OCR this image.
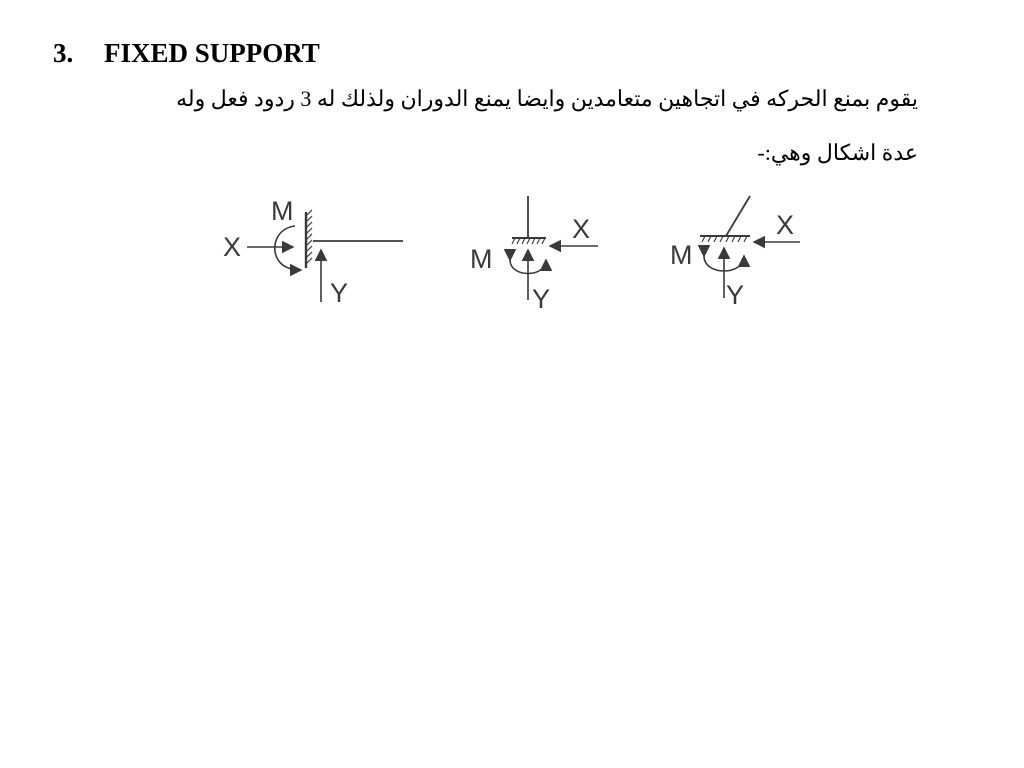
3.	FIXED SUPPORT
يقوم بمنع الحركه في اتجاهين متعامدين وايضا يمنع الدوران ولذلك له 3 ردود فعل وله
عدة اشكال وهي:-
M
X
Y
M
X
Y
M
X
Y
